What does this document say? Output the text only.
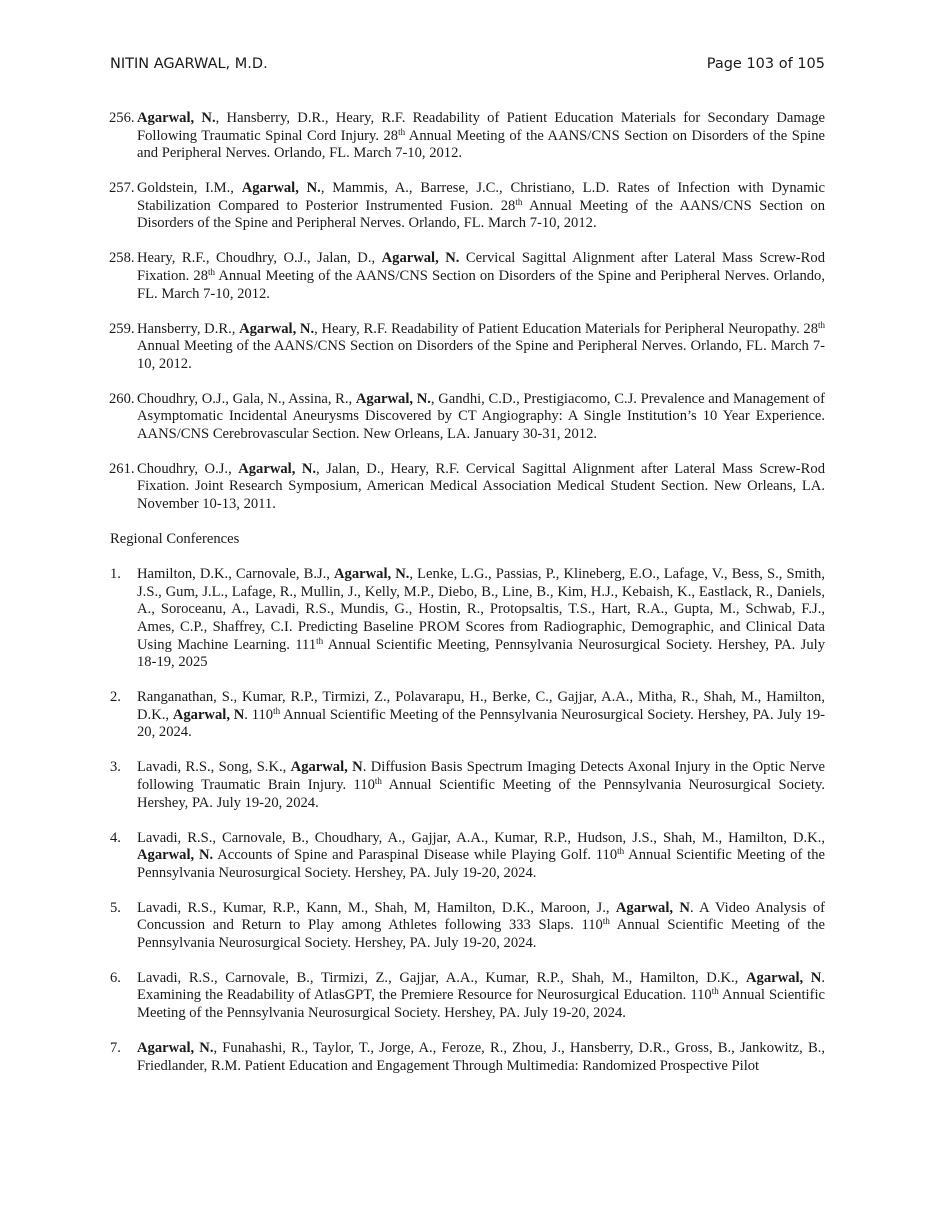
NITIN AGARWAL, M.D.	Page 103 of 105
256. Agarwal, N., Hansberry, D.R., Heary, R.F. Readability of Patient Education Materials for Secondary Damage Following Traumatic Spinal Cord Injury. 28th Annual Meeting of the AANS/CNS Section on Disorders of the Spine and Peripheral Nerves. Orlando, FL. March 7-10, 2012.
257. Goldstein, I.M., Agarwal, N., Mammis, A., Barrese, J.C., Christiano, L.D. Rates of Infection with Dynamic Stabilization Compared to Posterior Instrumented Fusion. 28th Annual Meeting of the AANS/CNS Section on Disorders of the Spine and Peripheral Nerves. Orlando, FL. March 7-10, 2012.
258. Heary, R.F., Choudhry, O.J., Jalan, D., Agarwal, N. Cervical Sagittal Alignment after Lateral Mass Screw-Rod Fixation. 28th Annual Meeting of the AANS/CNS Section on Disorders of the Spine and Peripheral Nerves. Orlando, FL. March 7-10, 2012.
259. Hansberry, D.R., Agarwal, N., Heary, R.F. Readability of Patient Education Materials for Peripheral Neuropathy. 28th Annual Meeting of the AANS/CNS Section on Disorders of the Spine and Peripheral Nerves. Orlando, FL. March 7-10, 2012.
260. Choudhry, O.J., Gala, N., Assina, R., Agarwal, N., Gandhi, C.D., Prestigiacomo, C.J. Prevalence and Management of Asymptomatic Incidental Aneurysms Discovered by CT Angiography: A Single Institution’s 10 Year Experience. AANS/CNS Cerebrovascular Section. New Orleans, LA. January 30-31, 2012.
261. Choudhry, O.J., Agarwal, N., Jalan, D., Heary, R.F. Cervical Sagittal Alignment after Lateral Mass Screw-Rod Fixation. Joint Research Symposium, American Medical Association Medical Student Section. New Orleans, LA. November 10-13, 2011.
Regional Conferences
1. Hamilton, D.K., Carnovale, B.J., Agarwal, N., Lenke, L.G., Passias, P., Klineberg, E.O., Lafage, V., Bess, S., Smith, J.S., Gum, J.L., Lafage, R., Mullin, J., Kelly, M.P., Diebo, B., Line, B., Kim, H.J., Kebaish, K., Eastlack, R., Daniels, A., Soroceanu, A., Lavadi, R.S., Mundis, G., Hostin, R., Protopsaltis, T.S., Hart, R.A., Gupta, M., Schwab, F.J., Ames, C.P., Shaffrey, C.I. Predicting Baseline PROM Scores from Radiographic, Demographic, and Clinical Data Using Machine Learning. 111th Annual Scientific Meeting, Pennsylvania Neurosurgical Society. Hershey, PA. July 18-19, 2025
2. Ranganathan, S., Kumar, R.P., Tirmizi, Z., Polavarapu, H., Berke, C., Gajjar, A.A., Mitha, R., Shah, M., Hamilton, D.K., Agarwal, N. 110th Annual Scientific Meeting of the Pennsylvania Neurosurgical Society. Hershey, PA. July 19-20, 2024.
3. Lavadi, R.S., Song, S.K., Agarwal, N. Diffusion Basis Spectrum Imaging Detects Axonal Injury in the Optic Nerve following Traumatic Brain Injury. 110th Annual Scientific Meeting of the Pennsylvania Neurosurgical Society. Hershey, PA. July 19-20, 2024.
4. Lavadi, R.S., Carnovale, B., Choudhary, A., Gajjar, A.A., Kumar, R.P., Hudson, J.S., Shah, M., Hamilton, D.K., Agarwal, N. Accounts of Spine and Paraspinal Disease while Playing Golf. 110th Annual Scientific Meeting of the Pennsylvania Neurosurgical Society. Hershey, PA. July 19-20, 2024.
5. Lavadi, R.S., Kumar, R.P., Kann, M., Shah, M, Hamilton, D.K., Maroon, J., Agarwal, N. A Video Analysis of Concussion and Return to Play among Athletes following 333 Slaps. 110th Annual Scientific Meeting of the Pennsylvania Neurosurgical Society. Hershey, PA. July 19-20, 2024.
6. Lavadi, R.S., Carnovale, B., Tirmizi, Z., Gajjar, A.A., Kumar, R.P., Shah, M., Hamilton, D.K., Agarwal, N. Examining the Readability of AtlasGPT, the Premiere Resource for Neurosurgical Education. 110th Annual Scientific Meeting of the Pennsylvania Neurosurgical Society. Hershey, PA. July 19-20, 2024.
7. Agarwal, N., Funahashi, R., Taylor, T., Jorge, A., Feroze, R., Zhou, J., Hansberry, D.R., Gross, B., Jankowitz, B., Friedlander, R.M. Patient Education and Engagement Through Multimedia: Randomized Prospective Pilot
